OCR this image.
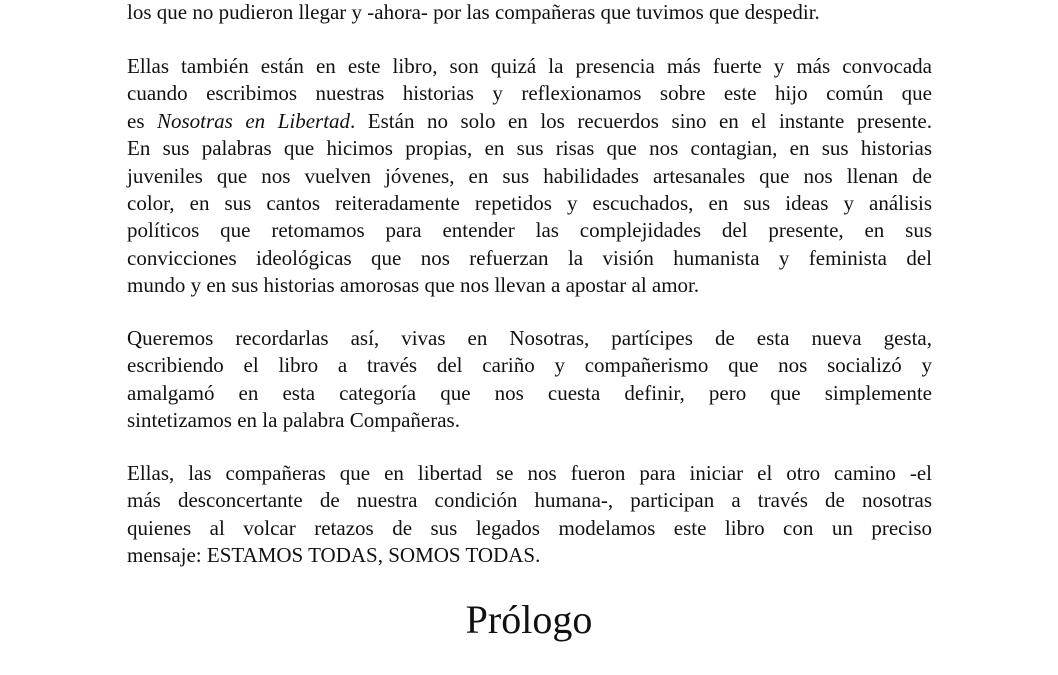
los que no pudieron llegar y -ahora- por las compañeras que tuvimos que despedir.

Ellas también están en este libro, son quizá la presencia más fuerte y más convocada
cuando escribimos nuestras historias y reflexionamos sobre este hijo común que
es Nosotras en Libertad. Están no solo en los recuerdos sino en el instante presente.
En sus palabras que hicimos propias, en sus risas que nos contagian, en sus historias
juveniles que nos vuelven jóvenes, en sus habilidades artesanales que nos llenan de
color, en sus cantos reiteradamente repetidos y escuchados, en sus ideas y análisis
políticos que retomamos para entender las complejidades del presente, en sus
convicciones ideológicas que nos refuerzan la visión humanista y feminista del
mundo y en sus historias amorosas que nos llevan a apostar al amor.

Queremos recordarlas así, vivas en Nosotras, partícipes de esta nueva gesta,
escribiendo el libro a través del cariño y compañerismo que nos socializó y
amalgamó en esta categoría que nos cuesta definir, pero que simplemente
sintetizamos en la palabra Compañeras.

Ellas, las compañeras que en libertad se nos fueron para iniciar el otro camino -el
más desconcertante de nuestra condición humana-, participan a través de nosotras
quienes al volcar retazos de sus legados modelamos este libro con un preciso
mensaje: ESTAMOS TODAS, SOMOS TODAS.

Prólogo
